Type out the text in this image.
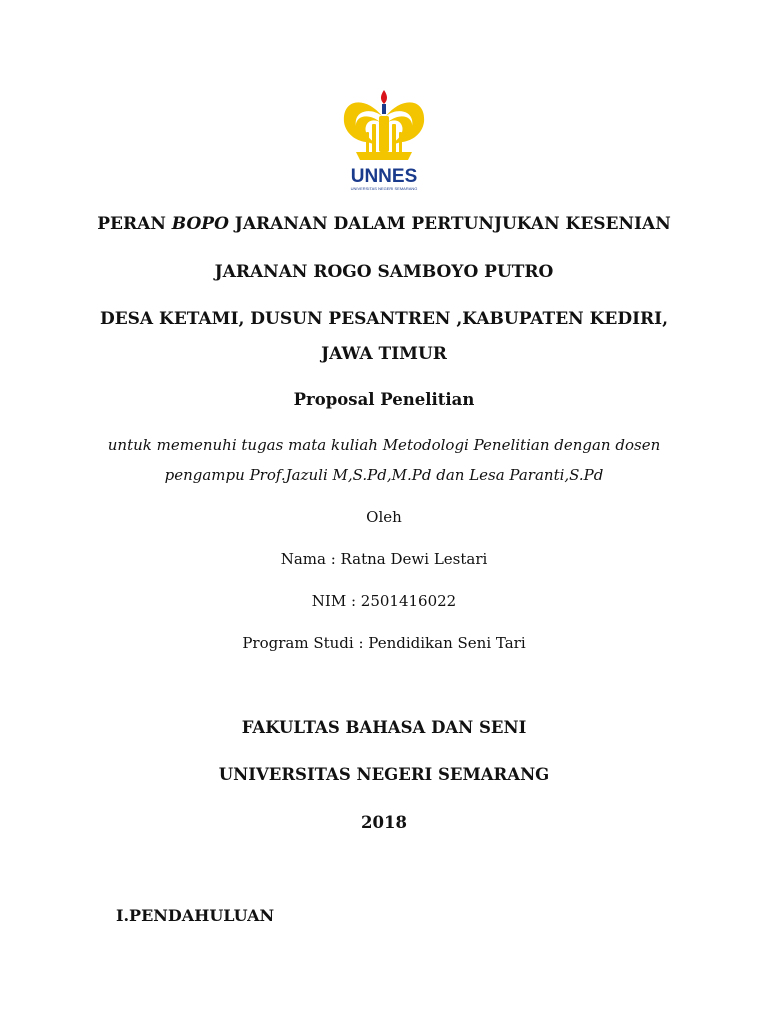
UNNES
UNIVERSITAS NEGERI SEMARANG
PERAN BOPO JARANAN DALAM PERTUNJUKAN KESENIAN
JARANAN ROGO SAMBOYO PUTRO
DESA KETAMI, DUSUN PESANTREN ,KABUPATEN KEDIRI,
JAWA TIMUR
Proposal Penelitian
untuk memenuhi tugas mata kuliah Metodologi Penelitian dengan dosen
pengampu Prof.Jazuli M,S.Pd,M.Pd dan Lesa Paranti,S.Pd
Oleh
Nama : Ratna Dewi Lestari
NIM : 2501416022
Program Studi : Pendidikan Seni Tari
FAKULTAS BAHASA DAN SENI
UNIVERSITAS NEGERI SEMARANG
2018
I.PENDAHULUAN
